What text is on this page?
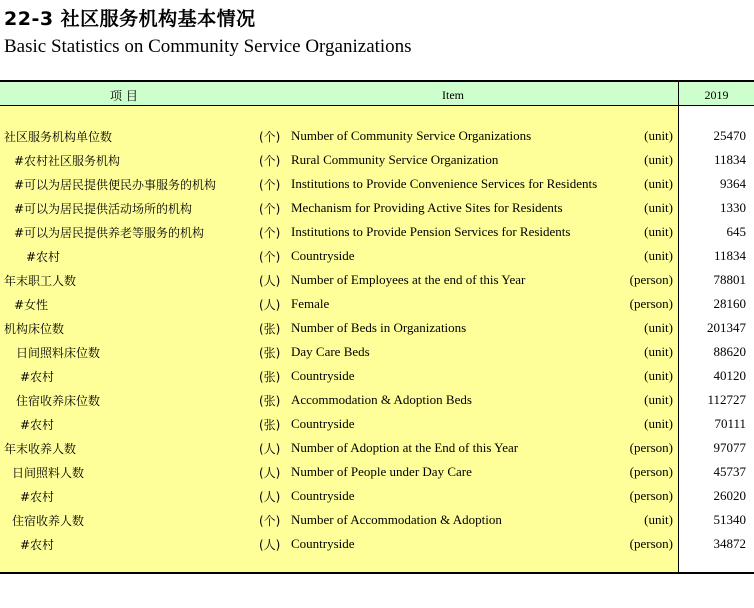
22-3 社区服务机构基本情况
Basic Statistics on Community Service Organizations
项 目	Item	2019
社区服务机构单位数	(个) Number of Community Service Organizations	(unit)	25470
#农村社区服务机构	(个) Rural Community Service Organization	(unit)	11834
#可以为居民提供便民办事服务的机构	(个) Institutions to Provide Convenience Services for Residents	(unit)	9364
#可以为居民提供活动场所的机构	(个) Mechanism for Providing Active Sites for Residents	(unit)	1330
#可以为居民提供养老等服务的机构	(个) Institutions to Provide Pension Services for Residents	(unit)	645
#农村	(个) Countryside	(unit)	11834
年末职工人数	(人) Number of Employees at the end of this Year	(person)	78801
#女性	(人) Female	(person)	28160
机构床位数	(张) Number of Beds in Organizations	(unit)	201347
日间照料床位数	(张) Day Care Beds	(unit)	88620
#农村	(张) Countryside	(unit)	40120
住宿收养床位数	(张) Accommodation & Adoption Beds	(unit)	112727
#农村	(张) Countryside	(unit)	70111
年末收养人数	(人) Number of Adoption at the End of this Year	(person)	97077
日间照料人数	(人) Number of People under Day Care	(person)	45737
#农村	(人) Countryside	(person)	26020
住宿收养人数	(个) Number of Accommodation & Adoption	(unit)	51340
#农村	(人) Countryside	(person)	34872
